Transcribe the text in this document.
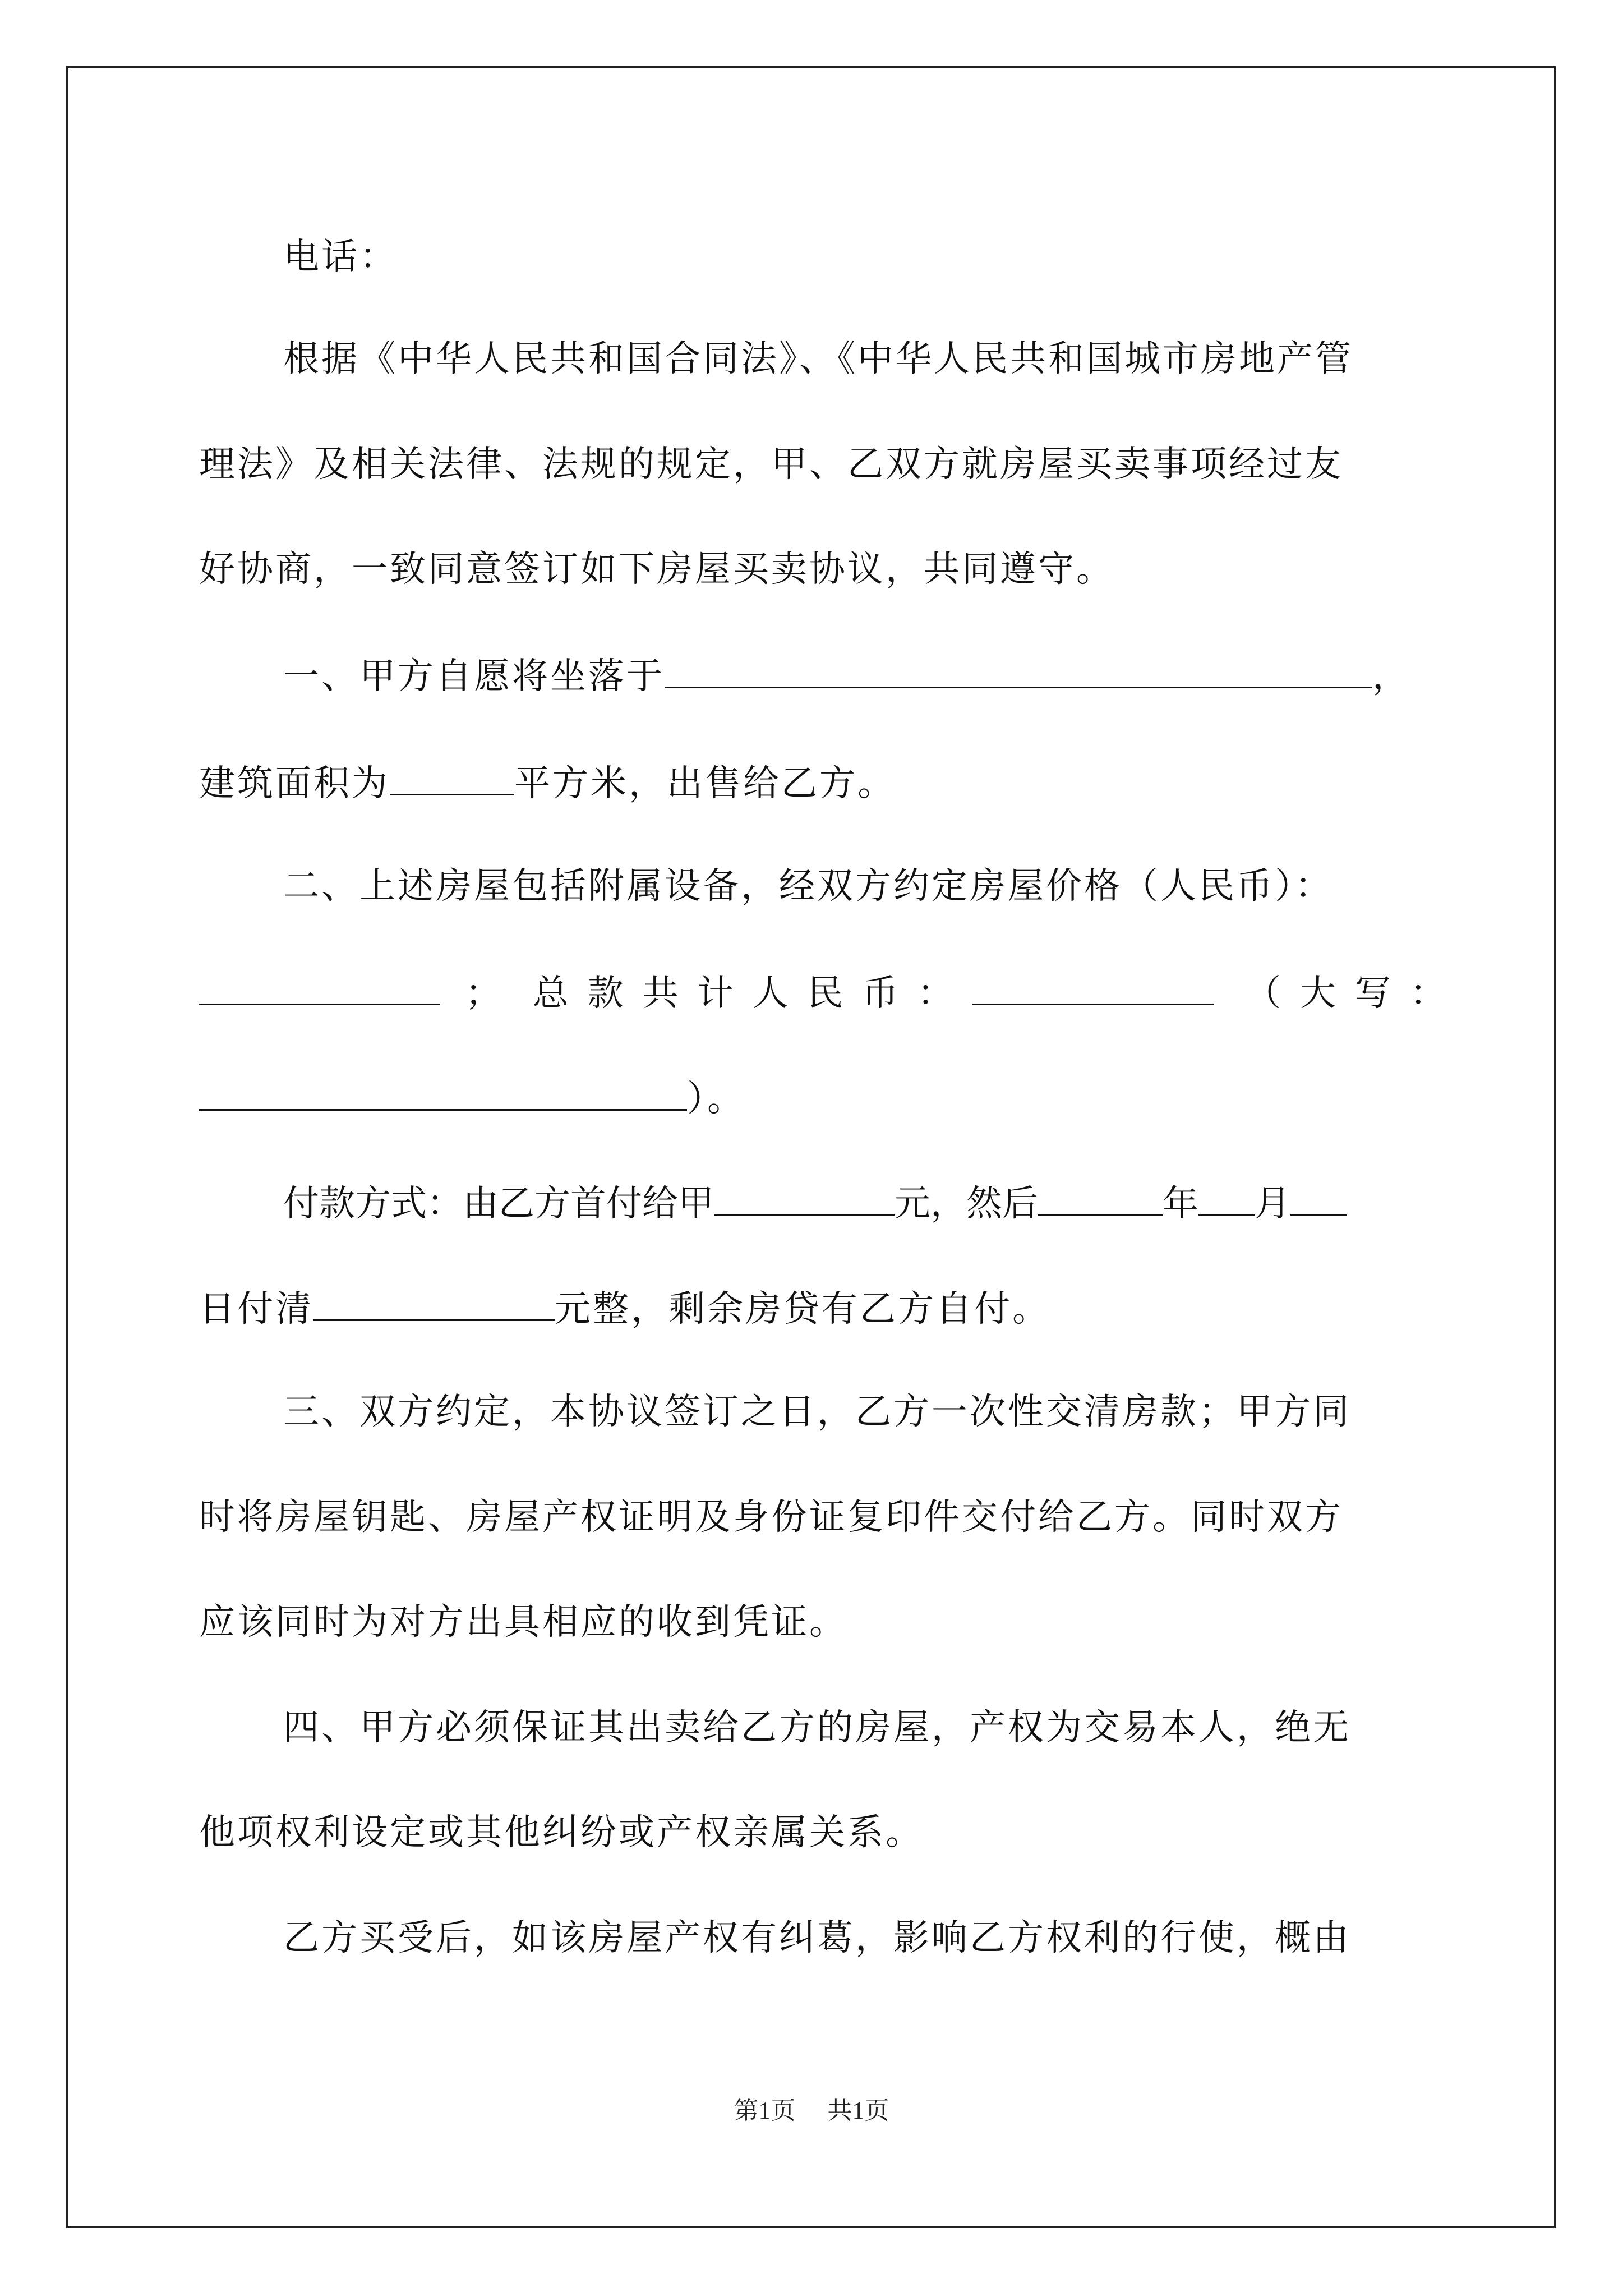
电话：
根据《中华人民共和国合同法》、《中华人民共和国城市房地产管
理法》及相关法律、法规的规定，甲、乙双方就房屋买卖事项经过友
好协商，一致同意签订如下房屋买卖协议，共同遵守。
一、甲方自愿将坐落于	，
建筑面积为	平方米，出售给乙方。
二、上述房屋包括附属设备，经双方约定房屋价格（人民币）：
； 总款共计人民币：	（大写：
）。
付款方式：由乙方首付给甲	元，然后	年 月
日付清	元整，剩余房贷有乙方自付。
三、双方约定，本协议签订之日，乙方一次性交清房款；甲方同
时将房屋钥匙、房屋产权证明及身份证复印件交付给乙方。同时双方
应该同时为对方出具相应的收到凭证。
四、甲方必须保证其出卖给乙方的房屋，产权为交易本人，绝无
他项权利设定或其他纠纷或产权亲属关系。
乙方买受后，如该房屋产权有纠葛，影响乙方权利的行使，概由
第1页 共1页
